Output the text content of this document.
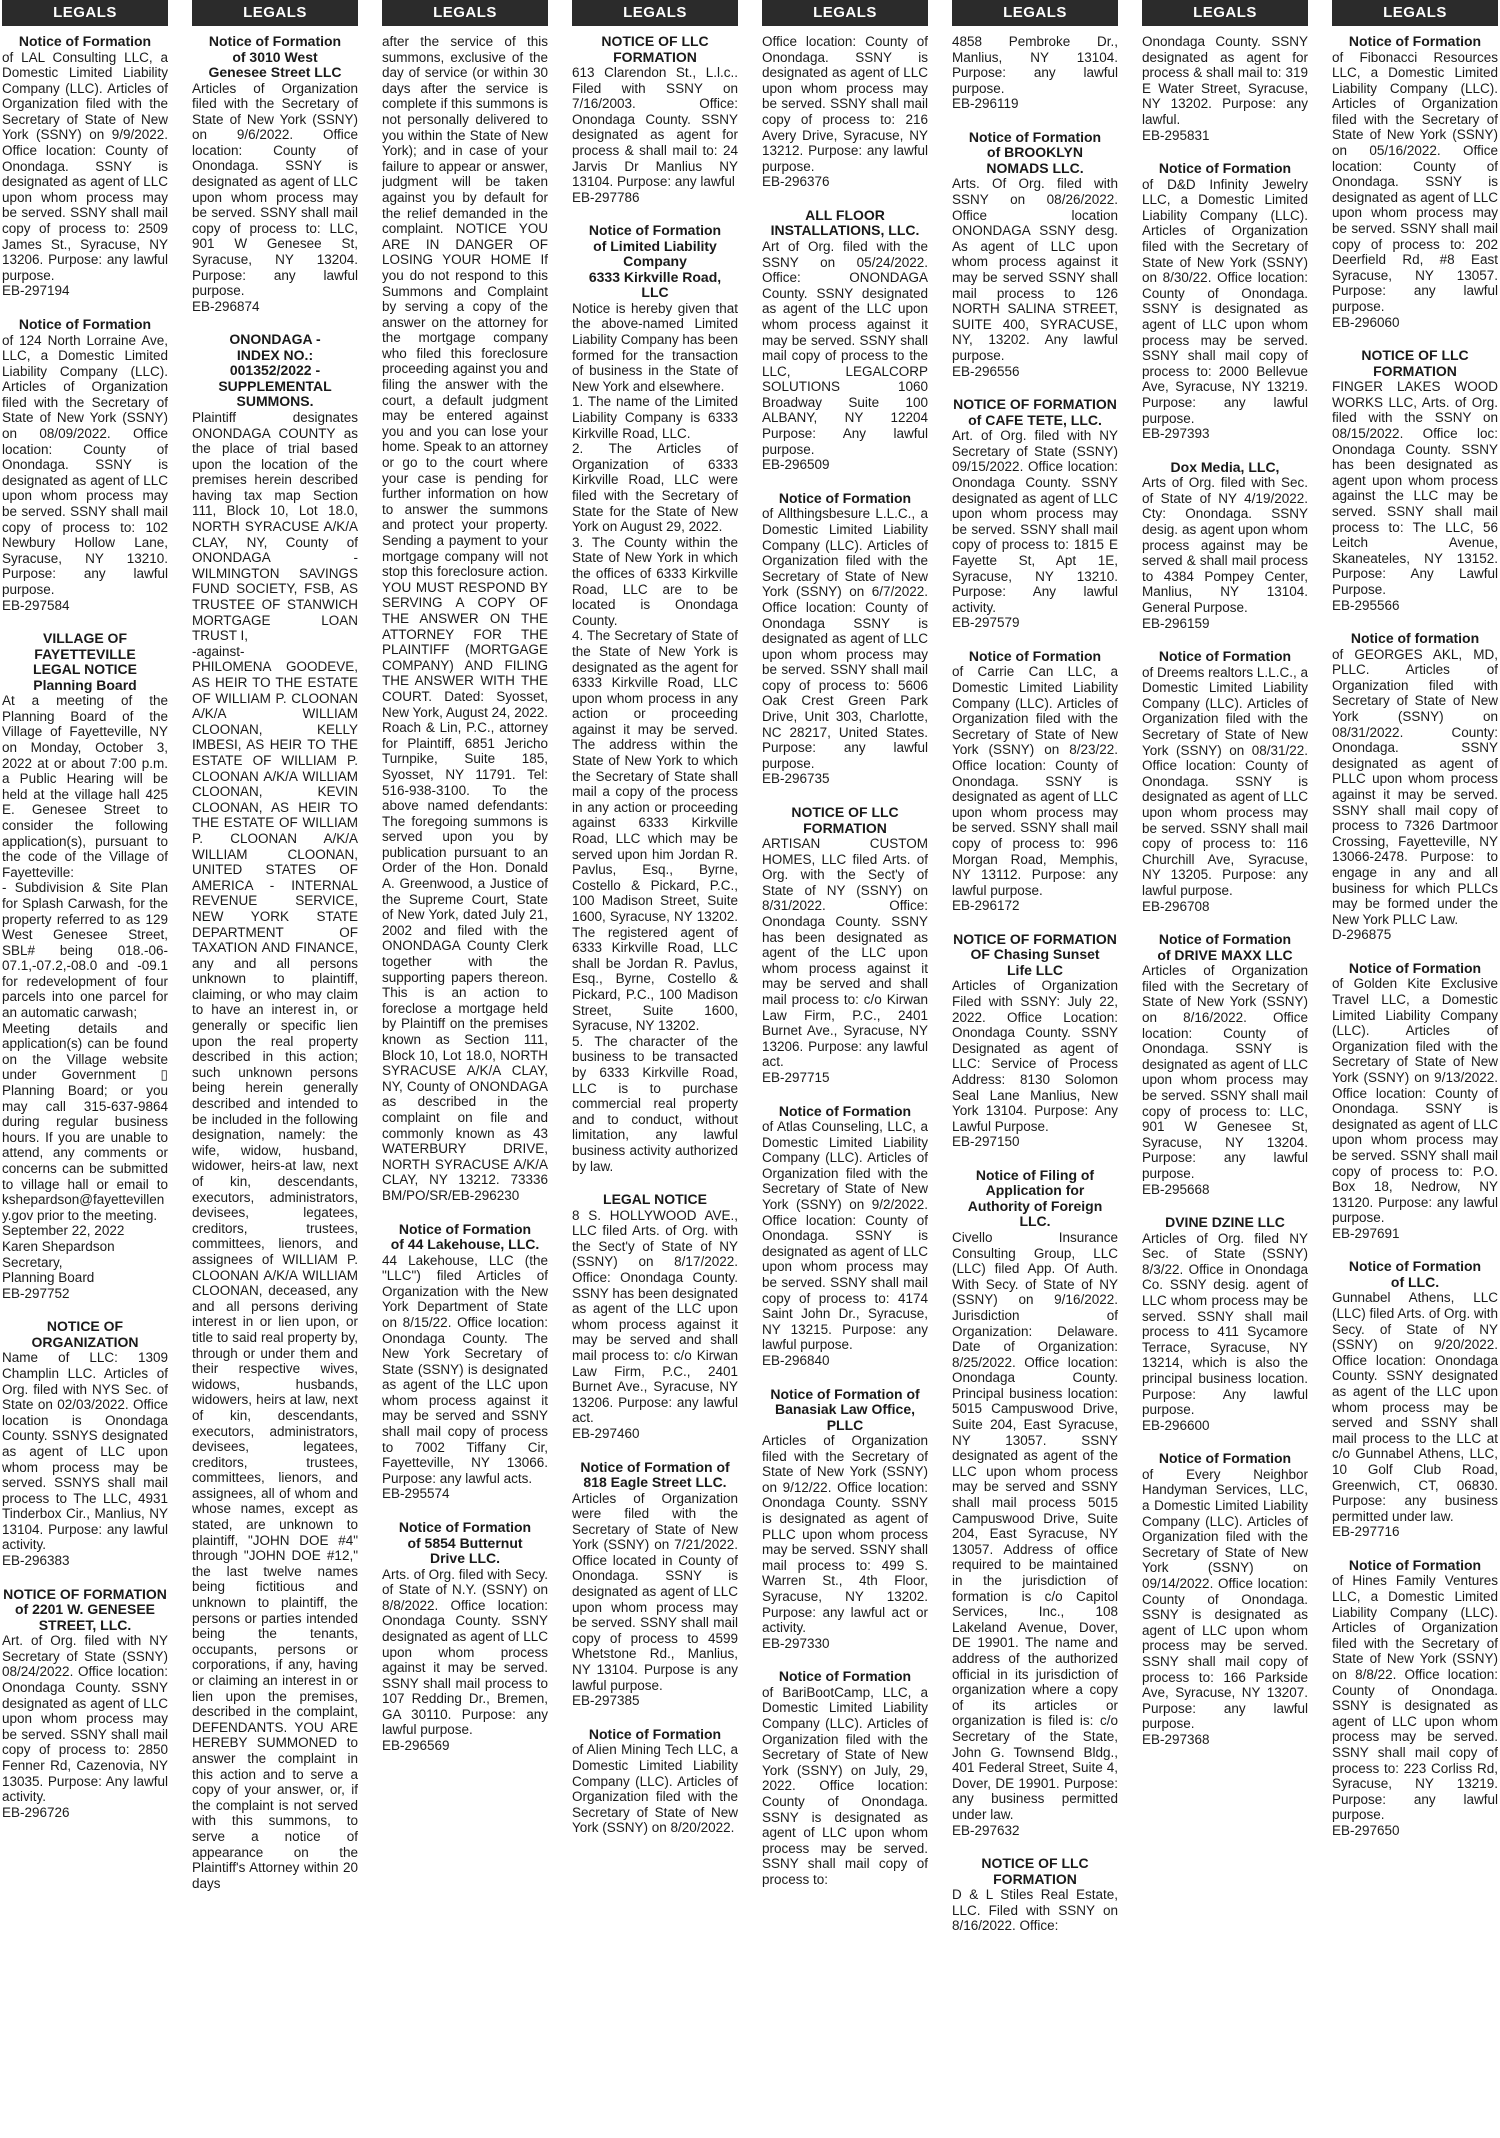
LEGALS

Notice of Formation

of LAL Consulting LLC, a Domestic Limited Liability Company (LLC). Articles of Organization filed with the Secretary of State of New York (SSNY) on 9/9/2022. Office location: County of Onondaga. SSNY is designated as agent of LLC upon whom process may be served. SSNY shall mail copy of process to: 2509 James St., Syracuse, NY 13206. Purpose: any lawful purpose.

EB-297194

Notice of Formation

of 124 North Lorraine Ave, LLC, a Domestic Limited Liability Company (LLC). Articles of Organization filed with the Secretary of State of New York (SSNY) on 08/09/2022. Office location: County of Onondaga. SSNY is designated as agent of LLC upon whom process may be served. SSNY shall mail copy of process to: 102 Newbury Hollow Lane, Syracuse, NY 13210. Purpose: any lawful purpose.

EB-297584

VILLAGE OF
FAYETTEVILLE
LEGAL NOTICE
Planning Board

At a meeting of the Planning Board of the Village of Fayetteville, NY on Monday, October 3, 2022 at or about 7:00 p.m. a Public Hearing will be held at the village hall 425 E. Genesee Street to consider the following application(s), pursuant to the code of the Village of Fayetteville:
- Subdivision & Site Plan for Splash Carwash, for the property referred to as 129 West Genesee Street, SBL# being 018.-06-07.1,-07.2,-08.0 and -09.1 for redevelopment of four parcels into one parcel for an automatic carwash;
Meeting details and application(s) can be found on the Village website under Government ▯ Planning Board; or you may call 315-637-9864 during regular business hours. If you are unable to attend, any comments or concerns can be submitted to village hall or email to kshepardson@fayettevilleny.gov prior to the meeting.
September 22, 2022
Karen Shepardson
Secretary,
Planning Board

EB-297752

NOTICE OF
ORGANIZATION

Name of LLC: 1309 Champlin LLC. Articles of Org. filed with NYS Sec. of State on 02/03/2022. Office location is Onondaga County. SSNYS designated as agent of LLC upon whom process may be served. SSNYS shall mail process to The LLC, 4931 Tinderbox Cir., Manlius, NY 13104. Purpose: any lawful activity.

EB-296383

NOTICE OF FORMATION
of 2201 W. GENESEE
STREET, LLC.

Art. of Org. filed with NY Secretary of State (SSNY) 08/24/2022. Office location: Onondaga County. SSNY designated as agent of LLC upon whom process may be served. SSNY shall mail copy of process to: 2850 Fenner Rd, Cazenovia, NY 13035. Purpose: Any lawful activity.

EB-296726

LEGALS

Notice of Formation
of 3010 West
Genesee Street LLC

Articles of Organization filed with the Secretary of State of New York (SSNY) on 9/6/2022. Office location: County of Onondaga. SSNY is designated as agent of LLC upon whom process may be served. SSNY shall mail copy of process to: LLC, 901 W Genesee St, Syracuse, NY 13204. Purpose: any lawful purpose.

EB-296874

ONONDAGA -
INDEX NO.:
001352/2022 -
SUPPLEMENTAL
SUMMONS.

Plaintiff designates ONONDAGA COUNTY as the place of trial based upon the location of the premises herein described having tax map Section 111, Block 10, Lot 18.0, NORTH SYRACUSE A/K/A CLAY, NY, County of ONONDAGA - WILMINGTON SAVINGS FUND SOCIETY, FSB, AS TRUSTEE OF STANWICH MORTGAGE LOAN TRUST I,
-against-
PHILOMENA GOODEVE, AS HEIR TO THE ESTATE OF WILLIAM P. CLOONAN A/K/A WILLIAM CLOONAN, KELLY IMBESI, AS HEIR TO THE ESTATE OF WILLIAM P. CLOONAN A/K/A WILLIAM CLOONAN, KEVIN CLOONAN, AS HEIR TO THE ESTATE OF WILLIAM P. CLOONAN A/K/A WILLIAM CLOONAN, UNITED STATES OF AMERICA - INTERNAL REVENUE SERVICE, NEW YORK STATE DEPARTMENT OF TAXATION AND FINANCE, any and all persons unknown to plaintiff, claiming, or who may claim to have an interest in, or generally or specific lien upon the real property described in this action; such unknown persons being herein generally described and intended to be included in the following designation, namely: the wife, widow, husband, widower, heirs-at law, next of kin, descendants, executors, administrators, devisees, legatees, creditors, trustees, committees, lienors, and assignees of WILLIAM P. CLOONAN A/K/A WILLIAM CLOONAN, deceased, any and all persons deriving interest in or lien upon, or title to said real property by, through or under them and their respective wives, widows, husbands, widowers, heirs at law, next of kin, descendants, executors, administrators, devisees, legatees, creditors, trustees, committees, lienors, and assignees, all of whom and whose names, except as stated, are unknown to plaintiff, "JOHN DOE #4" through "JOHN DOE #12," the last twelve names being fictitious and unknown to plaintiff, the persons or parties intended being the tenants, occupants, persons or corporations, if any, having or claiming an interest in or lien upon the premises, described in the complaint, DEFENDANTS. YOU ARE HEREBY SUMMONED to answer the complaint in this action and to serve a copy of your answer, or, if the complaint is not served with this summons, to serve a notice of appearance on the Plaintiff's Attorney within 20 days

LEGALS

after the service of this summons, exclusive of the day of service (or within 30 days after the service is complete if this summons is not personally delivered to you within the State of New York); and in case of your failure to appear or answer, judgment will be taken against you by default for the relief demanded in the complaint. NOTICE YOU ARE IN DANGER OF LOSING YOUR HOME If you do not respond to this Summons and Complaint by serving a copy of the answer on the attorney for the mortgage company who filed this foreclosure proceeding against you and filing the answer with the court, a default judgment may be entered against you and you can lose your home. Speak to an attorney or go to the court where your case is pending for further information on how to answer the summons and protect your property. Sending a payment to your mortgage company will not stop this foreclosure action. YOU MUST RESPOND BY SERVING A COPY OF THE ANSWER ON THE ATTORNEY FOR THE PLAINTIFF (MORTGAGE COMPANY) AND FILING THE ANSWER WITH THE COURT. Dated: Syosset, New York, August 24, 2022. Roach & Lin, P.C., attorney for Plaintiff, 6851 Jericho Turnpike, Suite 185, Syosset, NY 11791. Tel: 516-938-3100. To the above named defendants: The foregoing summons is served upon you by publication pursuant to an Order of the Hon. Donald A. Greenwood, a Justice of the Supreme Court, State of New York, dated July 21, 2002 and filed with the ONONDAGA County Clerk together with the supporting papers thereon. This is an action to foreclose a mortgage held by Plaintiff on the premises known as Section 111, Block 10, Lot 18.0, NORTH SYRACUSE A/K/A CLAY, NY, County of ONONDAGA as described in the complaint on file and commonly known as 43 WATERBURY DRIVE, NORTH SYRACUSE A/K/A CLAY, NY 13212. 73336 BM/PO/SR/EB-296230

Notice of Formation
of 44 Lakehouse, LLC.

44 Lakehouse, LLC (the "LLC") filed Articles of Organization with the New York Department of State on 8/15/22. Office location: Onondaga County. The New York Secretary of State (SSNY) is designated as agent of the LLC upon whom process against it may be served and SSNY shall mail copy of process to 7002 Tiffany Cir, Fayetteville, NY 13066. Purpose: any lawful acts.

EB-295574

Notice of Formation
of 5854 Butternut
Drive LLC.

Arts. of Org. filed with Secy. of State of N.Y. (SSNY) on 8/8/2022. Office location: Onondaga County. SSNY designated as agent of LLC upon whom process against it may be served. SSNY shall mail process to 107 Redding Dr., Bremen, GA 30110. Purpose: any lawful purpose.

EB-296569

LEGALS

NOTICE OF LLC
FORMATION

613 Clarendon St., L.l.c.. Filed with SSNY on 7/16/2003. Office: Onondaga County. SSNY designated as agent for process & shall mail to: 24 Jarvis Dr Manlius NY 13104. Purpose: any lawful

EB-297786

Notice of Formation
of Limited Liability
Company
6333 Kirkville Road,
LLC

Notice is hereby given that the above-named Limited Liability Company has been formed for the transaction of business in the State of New York and elsewhere.
1. The name of the Limited Liability Company is 6333 Kirkville Road, LLC.
2. The Articles of Organization of 6333 Kirkville Road, LLC were filed with the Secretary of State for the State of New York on August 29, 2022.
3. The County within the State of New York in which the offices of 6333 Kirkville Road, LLC are to be located is Onondaga County.
4. The Secretary of State of the State of New York is designated as the agent for 6333 Kirkville Road, LLC upon whom process in any action or proceeding against it may be served. The address within the State of New York to which the Secretary of State shall mail a copy of the process in any action or proceeding against 6333 Kirkville Road, LLC which may be served upon him Jordan R. Pavlus, Esq., Byrne, Costello & Pickard, P.C., 100 Madison Street, Suite 1600, Syracuse, NY 13202. The registered agent of 6333 Kirkville Road, LLC shall be Jordan R. Pavlus, Esq., Byrne, Costello & Pickard, P.C., 100 Madison Street, Suite 1600, Syracuse, NY 13202.
5. The character of the business to be transacted by 6333 Kirkville Road, LLC is to purchase commercial real property and to conduct, without limitation, any lawful business activity authorized by law.

LEGAL NOTICE

8 S. HOLLYWOOD AVE., LLC filed Arts. of Org. with the Sect'y of State of NY (SSNY) on 8/17/2022. Office: Onondaga County. SSNY has been designated as agent of the LLC upon whom process against it may be served and shall mail process to: c/o Kirwan Law Firm, P.C., 2401 Burnet Ave., Syracuse, NY 13206. Purpose: any lawful act.

EB-297460

Notice of Formation of
818 Eagle Street LLC.

Articles of Organization were filed with the Secretary of State of New York (SSNY) on 7/21/2022. Office located in County of Onondaga. SSNY is designated as agent of LLC upon whom process may be served. SSNY shall mail copy of process to 4599 Whetstone Rd., Manlius, NY 13104. Purpose is any lawful purpose.

EB-297385

Notice of Formation

of Alien Mining Tech LLC, a Domestic Limited Liability Company (LLC). Articles of Organization filed with the Secretary of State of New York (SSNY) on 8/20/2022.

LEGALS

Office location: County of Onondaga. SSNY is designated as agent of LLC upon whom process may be served. SSNY shall mail copy of process to: 216 Avery Drive, Syracuse, NY 13212. Purpose: any lawful purpose.

EB-296376

ALL FLOOR
INSTALLATIONS, LLC.

Art of Org. filed with the SSNY on 05/24/2022. Office: ONONDAGA County. SSNY designated as agent of the LLC upon whom process against it may be served. SSNY shall mail copy of process to the LLC, LEGALCORP SOLUTIONS 1060 Broadway Suite 100 ALBANY, NY 12204 Purpose: Any lawful purpose.

EB-296509

Notice of Formation

of Allthingsbesure L.L.C., a Domestic Limited Liability Company (LLC). Articles of Organization filed with the Secretary of State of New York (SSNY) on 6/7/2022. Office location: County of Onondaga SSNY is designated as agent of LLC upon whom process may be served. SSNY shall mail copy of process to: 5606 Oak Crest Green Park Drive, Unit 303, Charlotte, NC 28217, United States. Purpose: any lawful purpose.

EB-296735

NOTICE OF LLC
FORMATION

ARTISAN CUSTOM HOMES, LLC filed Arts. of Org. with the Sect'y of State of NY (SSNY) on 8/31/2022. Office: Onondaga County. SSNY has been designated as agent of the LLC upon whom process against it may be served and shall mail process to: c/o Kirwan Law Firm, P.C., 2401 Burnet Ave., Syracuse, NY 13206. Purpose: any lawful act.

EB-297715

Notice of Formation

of Atlas Counseling, LLC, a Domestic Limited Liability Company (LLC). Articles of Organization filed with the Secretary of State of New York (SSNY) on 9/2/2022. Office location: County of Onondaga. SSNY is designated as agent of LLC upon whom process may be served. SSNY shall mail copy of process to: 4174 Saint John Dr., Syracuse, NY 13215. Purpose: any lawful purpose.

EB-296840

Notice of Formation of
Banasiak Law Office,
PLLC

Articles of Organization filed with the Secretary of State of New York (SSNY) on 9/12/22. Office location: Onondaga County. SSNY is designated as agent of PLLC upon whom process may be served. SSNY shall mail process to: 499 S. Warren St., 4th Floor, Syracuse, NY 13202. Purpose: any lawful act or activity.

EB-297330

Notice of Formation

of BariBootCamp, LLC, a Domestic Limited Liability Company (LLC). Articles of Organization filed with the Secretary of State of New York (SSNY) on July, 29, 2022. Office location: County of Onondaga. SSNY is designated as agent of LLC upon whom process may be served. SSNY shall mail copy of process to:

LEGALS

4858 Pembroke Dr., Manlius, NY 13104. Purpose: any lawful purpose.

EB-296119

Notice of Formation
of BROOKLYN
NOMADS LLC.

Arts. Of Org. filed with SSNY on 08/26/2022. Office location ONONDAGA SSNY desg. As agent of LLC upon whom process against it may be served SSNY shall mail process to 126 NORTH SALINA STREET, SUITE 400, SYRACUSE, NY, 13202. Any lawful purpose.

EB-296556

NOTICE OF FORMATION
of CAFE TETE, LLC.

Art. of Org. filed with NY Secretary of State (SSNY) 09/15/2022. Office location: Onondaga County. SSNY designated as agent of LLC upon whom process may be served. SSNY shall mail copy of process to: 1815 E Fayette St, Apt 1E, Syracuse, NY 13210. Purpose: Any lawful activity.

EB-297579

Notice of Formation

of Carrie Can LLC, a Domestic Limited Liability Company (LLC). Articles of Organization filed with the Secretary of State of New York (SSNY) on 8/23/22. Office location: County of Onondaga. SSNY is designated as agent of LLC upon whom process may be served. SSNY shall mail copy of process to: 996 Morgan Road, Memphis, NY 13112. Purpose: any lawful purpose.

EB-296172

NOTICE OF FORMATION
OF Chasing Sunset
Life LLC

Articles of Organization Filed with SSNY: July 22, 2022. Office Location: Onondaga County. SSNY Designated as agent of LLC: Service of Process Address: 8130 Solomon Seal Lane Manlius, New York 13104. Purpose: Any Lawful Purpose.

EB-297150

Notice of Filing of
Application for
Authority of Foreign
LLC.

Civello Insurance Consulting Group, LLC (LLC) filed App. Of Auth. With Secy. of State of NY (SSNY) on 9/16/2022. Jurisdiction of Organization: Delaware. Date of Organization: 8/25/2022. Office location: Onondaga County. Principal business location: 5015 Campuswood Drive, Suite 204, East Syracuse, NY 13057. SSNY designated as agent of the LLC upon whom process may be served and SSNY shall mail process 5015 Campuswood Drive, Suite 204, East Syracuse, NY 13057. Address of office required to be maintained in the jurisdiction of formation is c/o Capitol Services, Inc., 108 Lakeland Avenue, Dover, DE 19901. The name and address of the authorized official in its jurisdiction of organization where a copy of its articles or organization is filed is: c/o Secretary of the State, John G. Townsend Bldg., 401 Federal Street, Suite 4, Dover, DE 19901. Purpose: any business permitted under law.

EB-297632

NOTICE OF LLC
FORMATION

D & L Stiles Real Estate, LLC. Filed with SSNY on 8/16/2022. Office:

LEGALS

Onondaga County. SSNY designated as agent for process & shall mail to: 319 E Water Street, Syracuse, NY 13202. Purpose: any lawful.

EB-295831

Notice of Formation

of D&D Infinity Jewelry LLC, a Domestic Limited Liability Company (LLC). Articles of Organization filed with the Secretary of State of New York (SSNY) on 8/30/22. Office location: County of Onondaga. SSNY is designated as agent of LLC upon whom process may be served. SSNY shall mail copy of process to: 2000 Bellevue Ave, Syracuse, NY 13219. Purpose: any lawful purpose.

EB-297393

Dox Media, LLC,

Arts of Org. filed with Sec. of State of NY 4/19/2022. Cty: Onondaga. SSNY desig. as agent upon whom process against may be served & shall mail process to 4384 Pompey Center, Manlius, NY 13104. General Purpose.

EB-296159

Notice of Formation

of Dreems realtors L.L.C., a Domestic Limited Liability Company (LLC). Articles of Organization filed with the Secretary of State of New York (SSNY) on 08/31/22. Office location: County of Onondaga. SSNY is designated as agent of LLC upon whom process may be served. SSNY shall mail copy of process to: 116 Churchill Ave, Syracuse, NY 13205. Purpose: any lawful purpose.

EB-296708

Notice of Formation
of DRIVE MAXX LLC

Articles of Organization filed with the Secretary of State of New York (SSNY) on 8/16/2022. Office location: County of Onondaga. SSNY is designated as agent of LLC upon whom process may be served. SSNY shall mail copy of process to: LLC, 901 W Genesee St, Syracuse, NY 13204. Purpose: any lawful purpose.

EB-295668

DVINE DZINE LLC

Articles of Org. filed NY Sec. of State (SSNY) 8/3/22. Office in Onondaga Co. SSNY desig. agent of LLC whom process may be served. SSNY shall mail process to 411 Sycamore Terrace, Syracuse, NY 13214, which is also the principal business location. Purpose: Any lawful purpose.

EB-296600

Notice of Formation

of Every Neighbor Handyman Services, LLC, a Domestic Limited Liability Company (LLC). Articles of Organization filed with the Secretary of State of New York (SSNY) on 09/14/2022. Office location: County of Onondaga. SSNY is designated as agent of LLC upon whom process may be served. SSNY shall mail copy of process to: 166 Parkside Ave, Syracuse, NY 13207. Purpose: any lawful purpose.

EB-297368

LEGALS

Notice of Formation

of Fibonacci Resources LLC, a Domestic Limited Liability Company (LLC). Articles of Organization filed with the Secretary of State of New York (SSNY) on 05/16/2022. Office location: County of Onondaga. SSNY is designated as agent of LLC upon whom process may be served. SSNY shall mail copy of process to: 202 Deerfield Rd, #8 East Syracuse, NY 13057. Purpose: any lawful purpose.

EB-296060

NOTICE OF LLC
FORMATION

FINGER LAKES WOOD WORKS LLC, Arts. of Org. filed with the SSNY on 08/15/2022. Office loc: Onondaga County. SSNY has been designated as agent upon whom process against the LLC may be served. SSNY shall mail process to: The LLC, 56 Leitch Avenue, Skaneateles, NY 13152. Purpose: Any Lawful Purpose.

EB-295566

Notice of formation

of GEORGES AKL, MD, PLLC. Articles of Organization filed with Secretary of State of New York (SSNY) on 08/31/2022. County: Onondaga. SSNY designated as agent of PLLC upon whom process against it may be served. SSNY shall mail copy of process to 7326 Dartmoor Crossing, Fayetteville, NY 13066-2478. Purpose: to engage in any and all business for which PLLCs may be formed under the New York PLLC Law.

D-296875

Notice of Formation

of Golden Kite Exclusive Travel LLC, a Domestic Limited Liability Company (LLC). Articles of Organization filed with the Secretary of State of New York (SSNY) on 9/13/2022. Office location: County of Onondaga. SSNY is designated as agent of LLC upon whom process may be served. SSNY shall mail copy of process to: P.O. Box 18, Nedrow, NY 13120. Purpose: any lawful purpose.

EB-297691

Notice of Formation
of LLC.

Gunnabel Athens, LLC (LLC) filed Arts. of Org. with Secy. of State of NY (SSNY) on 9/20/2022. Office location: Onondaga County. SSNY designated as agent of the LLC upon whom process may be served and SSNY shall mail process to the LLC at c/o Gunnabel Athens, LLC, 10 Golf Club Road, Greenwich, CT, 06830. Purpose: any business permitted under law.

EB-297716

Notice of Formation

of Hines Family Ventures LLC, a Domestic Limited Liability Company (LLC). Articles of Organization filed with the Secretary of State of New York (SSNY) on 8/8/22. Office location: County of Onondaga. SSNY is designated as agent of LLC upon whom process may be served. SSNY shall mail copy of process to: 223 Corliss Rd, Syracuse, NY 13219. Purpose: any lawful purpose.

EB-297650
